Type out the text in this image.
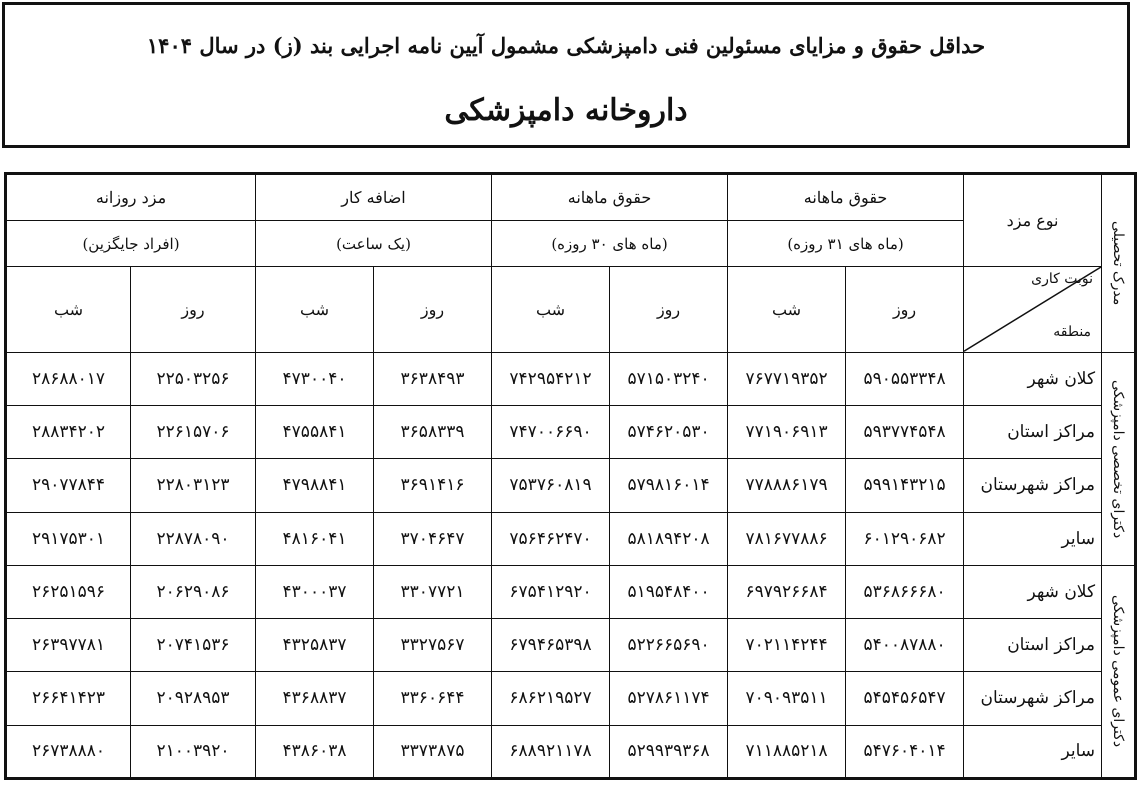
حداقل حقوق و مزایای مسئولین فنی دامپزشکی مشمول آیین نامه اجرایی بند (ز) در سال ۱۴۰۴
داروخانه دامپزشکی
مدرک تحصیلی	نوع مزد	حقوق ماهانه		حقوق ماهانه		اضافه کار		مزد روزانه	
		(ماه های ۳۱ روزه)		(ماه های ۳۰ روزه)		(یک ساعت)		(افراد جایگزین)	

	نوبت کاری
منطقه	روز	شب	روز	شب	روز	شب	روز	شب

دکترای تخصصی دامپزشکی	کلان شهر	۵۹۰۵۵۳۳۴۸	۷۶۷۷۱۹۳۵۲	۵۷۱۵۰۳۲۴۰	۷۴۲۹۵۴۲۱۲	۳۶۳۸۴۹۳	۴۷۳۰۰۴۰	۲۲۵۰۳۲۵۶	۲۸۶۸۸۰۱۷
	مراکز استان	۵۹۳۷۷۴۵۴۸	۷۷۱۹۰۶۹۱۳	۵۷۴۶۲۰۵۳۰	۷۴۷۰۰۶۶۹۰	۳۶۵۸۳۳۹	۴۷۵۵۸۴۱	۲۲۶۱۵۷۰۶	۲۸۸۳۴۲۰۲
	مراکز شهرستان	۵۹۹۱۴۳۲۱۵	۷۷۸۸۸۶۱۷۹	۵۷۹۸۱۶۰۱۴	۷۵۳۷۶۰۸۱۹	۳۶۹۱۴۱۶	۴۷۹۸۸۴۱	۲۲۸۰۳۱۲۳	۲۹۰۷۷۸۴۴
	سایر	۶۰۱۲۹۰۶۸۲	۷۸۱۶۷۷۸۸۶	۵۸۱۸۹۴۲۰۸	۷۵۶۴۶۲۴۷۰	۳۷۰۴۶۴۷	۴۸۱۶۰۴۱	۲۲۸۷۸۰۹۰	۲۹۱۷۵۳۰۱

دکترای عمومی دامپزشکی	کلان شهر	۵۳۶۸۶۶۶۸۰	۶۹۷۹۲۶۶۸۴	۵۱۹۵۴۸۴۰۰	۶۷۵۴۱۲۹۲۰	۳۳۰۷۷۲۱	۴۳۰۰۰۳۷	۲۰۶۲۹۰۸۶	۲۶۲۵۱۵۹۶
	مراکز استان	۵۴۰۰۸۷۸۸۰	۷۰۲۱۱۴۲۴۴	۵۲۲۶۶۵۶۹۰	۶۷۹۴۶۵۳۹۸	۳۳۲۷۵۶۷	۴۳۲۵۸۳۷	۲۰۷۴۱۵۳۶	۲۶۳۹۷۷۸۱
	مراکز شهرستان	۵۴۵۴۵۶۵۴۷	۷۰۹۰۹۳۵۱۱	۵۲۷۸۶۱۱۷۴	۶۸۶۲۱۹۵۲۷	۳۳۶۰۶۴۴	۴۳۶۸۸۳۷	۲۰۹۲۸۹۵۳	۲۶۶۴۱۴۲۳
	سایر	۵۴۷۶۰۴۰۱۴	۷۱۱۸۸۵۲۱۸	۵۲۹۹۳۹۳۶۸	۶۸۸۹۲۱۱۷۸	۳۳۷۳۸۷۵	۴۳۸۶۰۳۸	۲۱۰۰۳۹۲۰	۲۶۷۳۸۸۸۰
